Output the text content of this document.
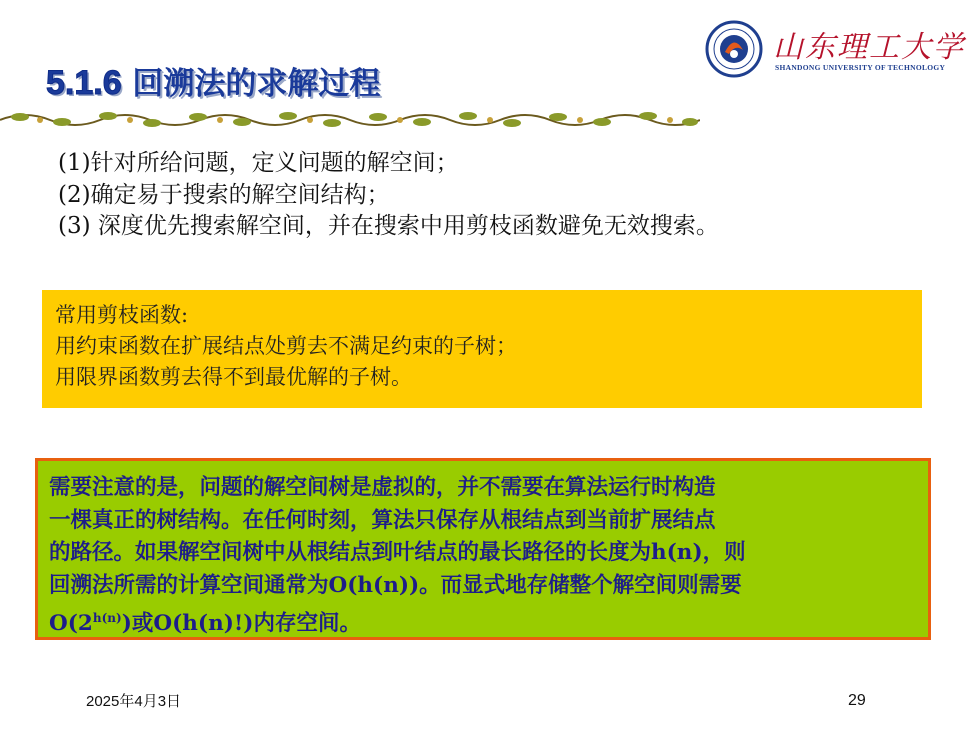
山东理工大学
SHANDONG UNIVERSITY OF TECHNOLOGY
5.1.6 回溯法的求解过程
(1)针对所给问题，定义问题的解空间；
(2)确定易于搜索的解空间结构；
(3) 深度优先搜索解空间，并在搜索中用剪枝函数避免无效搜索。
常用剪枝函数:
用约束函数在扩展结点处剪去不满足约束的子树；
用限界函数剪去得不到最优解的子树。
需要注意的是，问题的解空间树是虚拟的，并不需要在算法运行时构造
一棵真正的树结构。在任何时刻，算法只保存从根结点到当前扩展结点
的路径。如果解空间树中从根结点到叶结点的最长路径的长度为h(n)，则
回溯法所需的计算空间通常为O(h(n))。而显式地存储整个解空间则需要
$O(2^{h(n)})$或O(h(n)!)内存空间。
2025年4月3日	29
